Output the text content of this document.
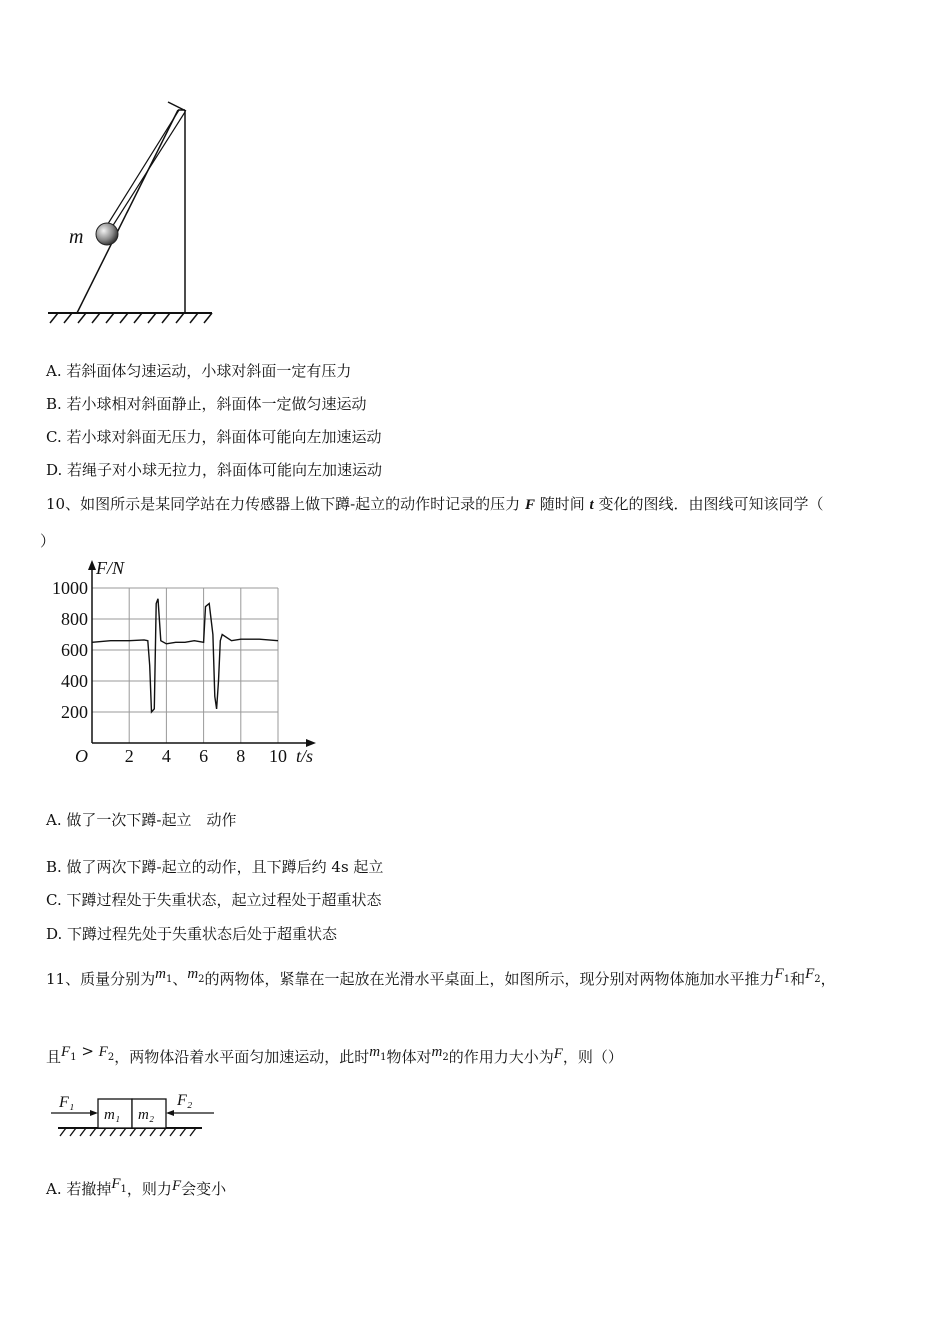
m
A. 若斜面体匀速运动，小球对斜面一定有压力
B. 若小球相对斜面静止，斜面体一定做匀速运动
C. 若小球对斜面无压力，斜面体可能向左加速运动
D. 若绳子对小球无拉力，斜面体可能向左加速运动
10、如图所示是某同学站在力传感器上做下蹲-起立的动作时记录的压力 F 随时间 t 变化的图线．由图线可知该同学（
）
2 4 6 8 10
200
400
600
800
1000
F/N
t/s
O
A. 做了一次下蹲-起立　动作
B. 做了两次下蹲-起立的动作，且下蹲后约 4s 起立
C. 下蹲过程处于失重状态，起立过程处于超重状态
D. 下蹲过程先处于失重状态后处于超重状态
11、质量分别为$m^1$、$m^2$的两物体，紧靠在一起放在光滑水平桌面上，如图所示，现分别对两物体施加水平推力$F^1$和$F^2$，
且$F^1 > F^2$，两物体沿着水平面匀加速运动，此时$m^1$物体对$m^2$的作用力大小为F，则（）
m₁ m₂
F₁	F₂
A. 若撤掉$F^1$，则力F会变小
